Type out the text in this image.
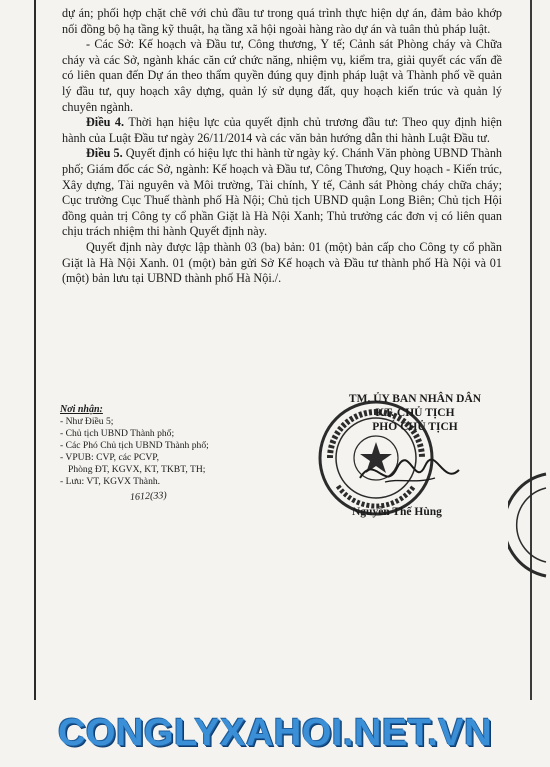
dự án; phối hợp chặt chẽ với chủ đầu tư trong quá trình thực hiện dự án, đảm bảo khớp nối đồng bộ hạ tầng kỹ thuật, hạ tầng xã hội ngoài hàng rào dự án và tuân thủ pháp luật.

- Các Sở: Kế hoạch và Đầu tư, Công thương, Y tế; Cảnh sát Phòng cháy và Chữa cháy và các Sở, ngành khác căn cứ chức năng, nhiệm vụ, kiểm tra, giải quyết các vấn đề có liên quan đến Dự án theo thẩm quyền đúng quy định pháp luật và Thành phố về quản lý đầu tư, quy hoạch xây dựng, quản lý sử dụng đất, quy hoạch kiến trúc và quản lý chuyên ngành.

Điều 4. Thời hạn hiệu lực của quyết định chủ trương đầu tư: Theo quy định hiện hành của Luật Đầu tư ngày 26/11/2014 và các văn bản hướng dẫn thi hành Luật Đầu tư.

Điều 5. Quyết định có hiệu lực thi hành từ ngày ký. Chánh Văn phòng UBND Thành phố; Giám đốc các Sở, ngành: Kế hoạch và Đầu tư, Công Thương, Quy hoạch - Kiến trúc, Xây dựng, Tài nguyên và Môi trường, Tài chính, Y tế, Cảnh sát Phòng cháy chữa cháy; Cục trưởng Cục Thuế thành phố Hà Nội; Chủ tịch UBND quận Long Biên; Chủ tịch Hội đồng quản trị Công ty cổ phần Giặt là Hà Nội Xanh; Thủ trưởng các đơn vị có liên quan chịu trách nhiệm thi hành Quyết định này.

Quyết định này được lập thành 03 (ba) bản: 01 (một) bản cấp cho Công ty cổ phần Giặt là Hà Nội Xanh. 01 (một) bản gửi Sở Kế hoạch và Đầu tư thành phố Hà Nội và 01 (một) bản lưu tại UBND thành phố Hà Nội./.

Nơi nhận:
- Như Điều 5;
- Chủ tịch UBND Thành phố;
- Các Phó Chủ tịch UBND Thành phố;
- VPUB: CVP, các PCVP,
Phòng ĐT, KGVX, KT, TKBT, TH;
- Lưu: VT, KGVX Thành.
1612(33)
TM. ỦY BAN NHÂN DÂN
KT. CHỦ TỊCH
PHÓ CHỦ TỊCH
Nguyễn Thế Hùng
CONGLYXAHOI.NET.VN
